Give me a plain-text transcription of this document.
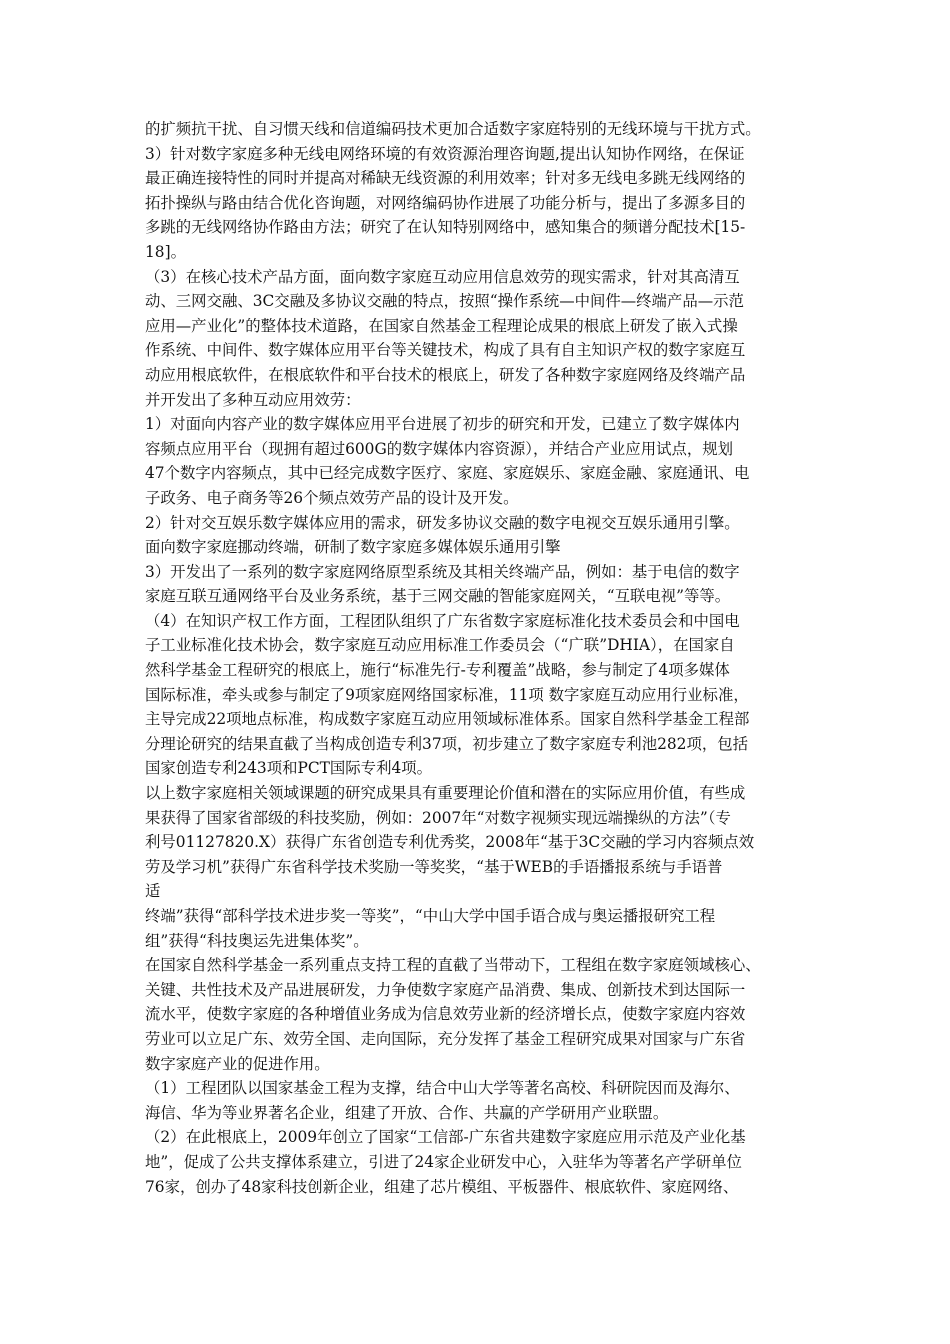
的扩频抗干扰、自习惯天线和信道编码技术更加合适数字家庭特别的无线环境与干扰方式。
3）针对数字家庭多种无线电网络环境的有效资源治理咨询题,提出认知协作网络，在保证
最正确连接特性的同时并提高对稀缺无线资源的利用效率；针对多无线电多跳无线网络的
拓扑操纵与路由结合优化咨询题，对网络编码协作进展了功能分析与，提出了多源多目的
多跳的无线网络协作路由方法；研究了在认知特别网络中，感知集合的频谱分配技术[15-
18]。
（3）在核心技术产品方面，面向数字家庭互动应用信息效劳的现实需求，针对其高清互
动、三网交融、3C交融及多协议交融的特点，按照“操作系统—中间件—终端产品—示范
应用—产业化”的整体技术道路，在国家自然基金工程理论成果的根底上研发了嵌入式操
作系统、中间件、数字媒体应用平台等关键技术，构成了具有自主知识产权的数字家庭互
动应用根底软件，在根底软件和平台技术的根底上，研发了各种数字家庭网络及终端产品
并开发出了多种互动应用效劳：
1）对面向内容产业的数字媒体应用平台进展了初步的研究和开发，已建立了数字媒体内
容频点应用平台（现拥有超过600G的数字媒体内容资源），并结合产业应用试点，规划
47个数字内容频点，其中已经完成数字医疗、家庭、家庭娱乐、家庭金融、家庭通讯、电
子政务、电子商务等26个频点效劳产品的设计及开发。
2）针对交互娱乐数字媒体应用的需求，研发多协议交融的数字电视交互娱乐通用引擎。
面向数字家庭挪动终端，研制了数字家庭多媒体娱乐通用引擎
3）开发出了一系列的数字家庭网络原型系统及其相关终端产品，例如：基于电信的数字
家庭互联互通网络平台及业务系统，基于三网交融的智能家庭网关，“互联电视”等等。
（4）在知识产权工作方面，工程团队组织了广东省数字家庭标准化技术委员会和中国电
子工业标准化技术协会，数字家庭互动应用标准工作委员会（“广联”DHIA），在国家自
然科学基金工程研究的根底上，施行“标准先行-专利覆盖”战略，参与制定了4项多媒体
国际标准，牵头或参与制定了9项家庭网络国家标准，11项 数字家庭互动应用行业标准，
主导完成22项地点标准，构成数字家庭互动应用领域标准体系。国家自然科学基金工程部
分理论研究的结果直截了当构成创造专利37项，初步建立了数字家庭专利池282项，包括
国家创造专利243项和PCT国际专利4项。
以上数字家庭相关领域课题的研究成果具有重要理论价值和潜在的实际应用价值，有些成
果获得了国家省部级的科技奖励，例如：2007年“对数字视频实现远端操纵的方法”（专
利号01127820.X）获得广东省创造专利优秀奖，2008年“基于3C交融的学习内容频点效
劳及学习机”获得广东省科学技术奖励一等奖奖，“基于WEB的手语播报系统与手语普
适
终端”获得“部科学技术进步奖一等奖”，“中山大学中国手语合成与奥运播报研究工程
组”获得“科技奥运先进集体奖”。
在国家自然科学基金一系列重点支持工程的直截了当带动下，工程组在数字家庭领域核心、
关键、共性技术及产品进展研发，力争使数字家庭产品消费、集成、创新技术到达国际一
流水平，使数字家庭的各种增值业务成为信息效劳业新的经济增长点，使数字家庭内容效
劳业可以立足广东、效劳全国、走向国际，充分发挥了基金工程研究成果对国家与广东省
数字家庭产业的促进作用。
（1）工程团队以国家基金工程为支撑，结合中山大学等著名高校、科研院因而及海尔、
海信、华为等业界著名企业，组建了开放、合作、共赢的产学研用产业联盟。
（2）在此根底上，2009年创立了国家“工信部-广东省共建数字家庭应用示范及产业化基
地”，促成了公共支撑体系建立，引进了24家企业研发中心，入驻华为等著名产学研单位
76家，创办了48家科技创新企业，组建了芯片模组、平板器件、根底软件、家庭网络、
